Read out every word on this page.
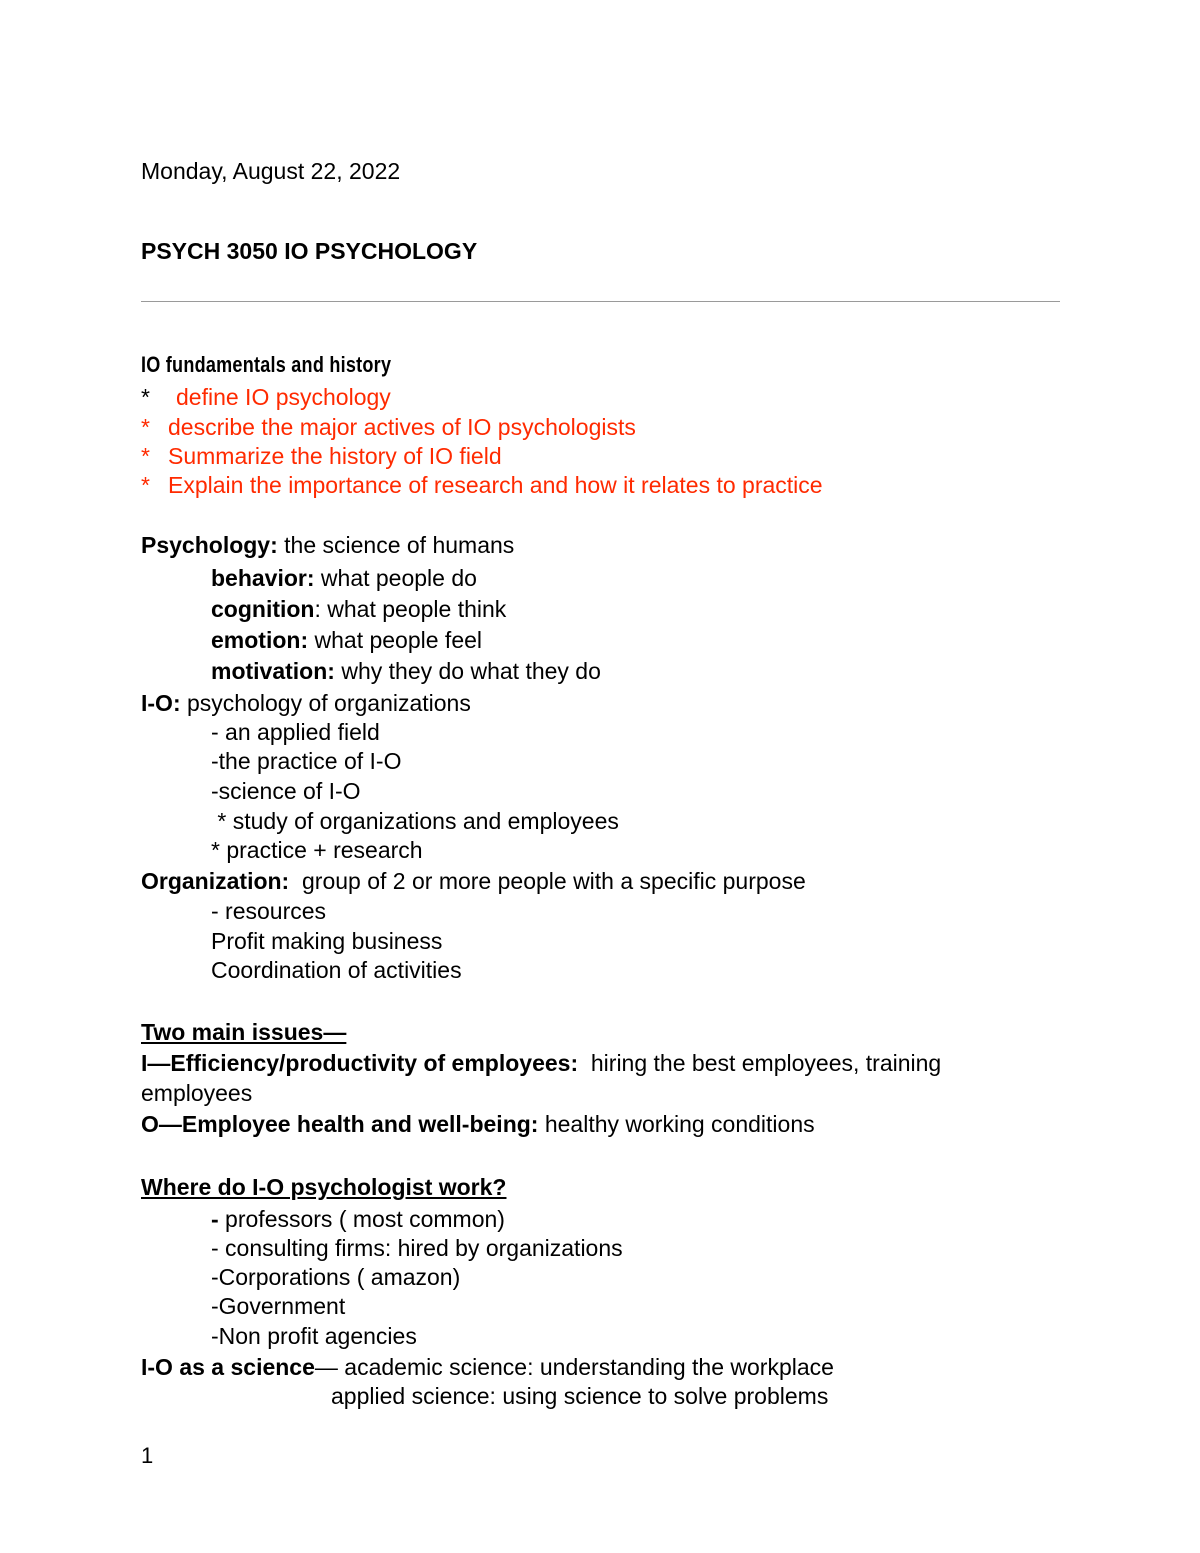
Monday, August 22, 2022
PSYCH 3050 IO PSYCHOLOGY
IO fundamentals and history
* define IO psychology
* describe the major actives of IO psychologists
* Summarize the history of IO field
* Explain the importance of research and how it relates to practice
Psychology: the science of humans
behavior: what people do
cognition: what people think
emotion: what people feel
motivation: why they do what they do
I-O: psychology of organizations
- an applied field
-the practice of I-O
-science of I-O
* study of organizations and employees
* practice + research
Organization:  group of 2 or more people with a specific purpose
- resources
Profit making business
Coordination of activities
Two main issues—
I—Efficiency/productivity of employees:  hiring the best employees, training
employees
O—Employee health and well-being: healthy working conditions
Where do I-O psychologist work?
- professors ( most common)
- consulting firms: hired by organizations
-Corporations ( amazon)
-Government
-Non profit agencies
I-O as a science— academic science: understanding the workplace
applied science: using science to solve problems
1
